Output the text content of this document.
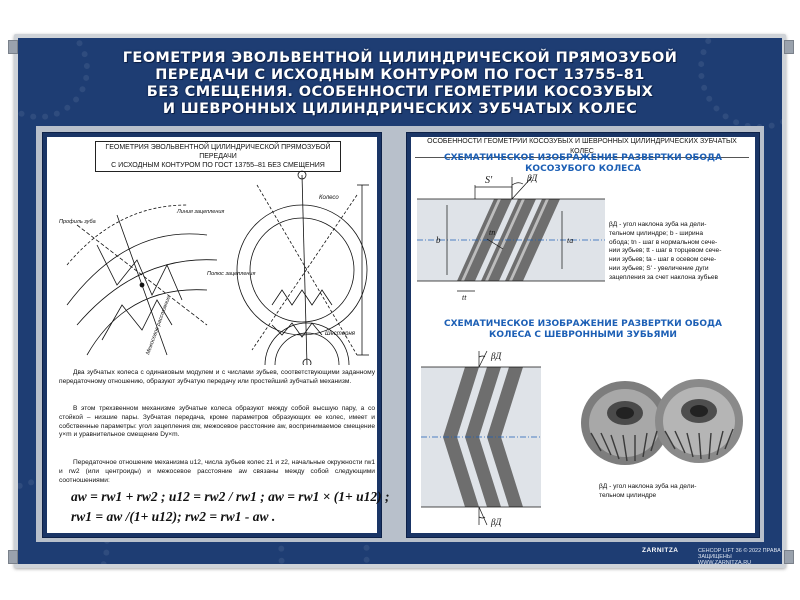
ГЕОМЕТРИЯ ЭВОЛЬВЕНТНОЙ ЦИЛИНДРИЧЕСКОЙ ПРЯМОЗУБОЙ
ПЕРЕДАЧИ С ИСХОДНЫМ КОНТУРОМ ПО ГОСТ 13755–81
БЕЗ СМЕЩЕНИЯ. ОСОБЕННОСТИ ГЕОМЕТРИИ КОСОЗУБЫХ
И ШЕВРОННЫХ ЦИЛИНДРИЧЕСКИХ ЗУБЧАТЫХ КОЛЕС
ГЕОМЕТРИЯ ЭВОЛЬВЕНТНОЙ ЦИЛИНДРИЧЕСКОЙ ПРЯМОЗУБОЙ ПЕРЕДАЧИ
С ИСХОДНЫМ КОНТУРОМ ПО ГОСТ 13755–81 БЕЗ СМЕЩЕНИЯ
Колесо
Шестерня
Профиль зуба
Линия зацепления
Межосевое расстояние
Полюс зацепления

Два зубчатых колеса с одинаковым модулем и с числами зубьев, соответствующими заданному передаточному отношению, образуют зубчатую передачу или простейший зубчатый механизм.

В этом трехзвенном механизме зубчатые колеса образуют между собой высшую пару, а со стойкой – низшие пары. Зубчатая передача, кроме параметров образующих ее колес, имеет и собственные параметры: угол зацепления αw, межосевое расстояние aw, воспринимаемое смещение y×m и уравнительное смещение Dy×m.

Передаточное отношение механизма u12, числа зубьев колес z1 и z2, начальные окружности rw1 и rw2 (или центроиды) и межосевое расстояние aw связаны между собой следующими соотношениями:

aw = rw1 + rw2 ; u12 = rw2 / rw1 ; aw = rw1 × (1+ u12) ;
rw1 = aw /(1+ u12); rw2 = rw1 - aw .
ОСОБЕННОСТИ ГЕОМЕТРИИ КОСОЗУБЫХ И ШЕВРОННЫХ ЦИЛИНДРИЧЕСКИХ ЗУБЧАТЫХ КОЛЕС
СХЕМАТИЧЕСКОЕ ИЗОБРАЖЕНИЕ РАЗВЕРТКИ ОБОДА КОСОЗУБОГО КОЛЕСА
S'	βД
tn
ta
b
tt
βД - угол наклона зуба на дели-
тельном цилиндре; b - ширина
обода; tn - шаг в нормальном сече-
нии зубьев; tt - шаг в торцевом сече-
нии зубьев; ta - шаг в осевом сече-
нии зубьев; S' - увеличение дуги
зацепления за счет наклона зубьев
СХЕМАТИЧЕСКОЕ ИЗОБРАЖЕНИЕ РАЗВЕРТКИ ОБОДА
КОЛЕСА С ШЕВРОННЫМИ ЗУБЬЯМИ
βД
βД
βД - угол наклона зуба на дели-
тельном цилиндре
ZARNITZA	СЕНСОР LIFT 36 © 2022 ПРАВА
ЗАЩИЩЕНЫ WWW.ZARNITZA.RU
